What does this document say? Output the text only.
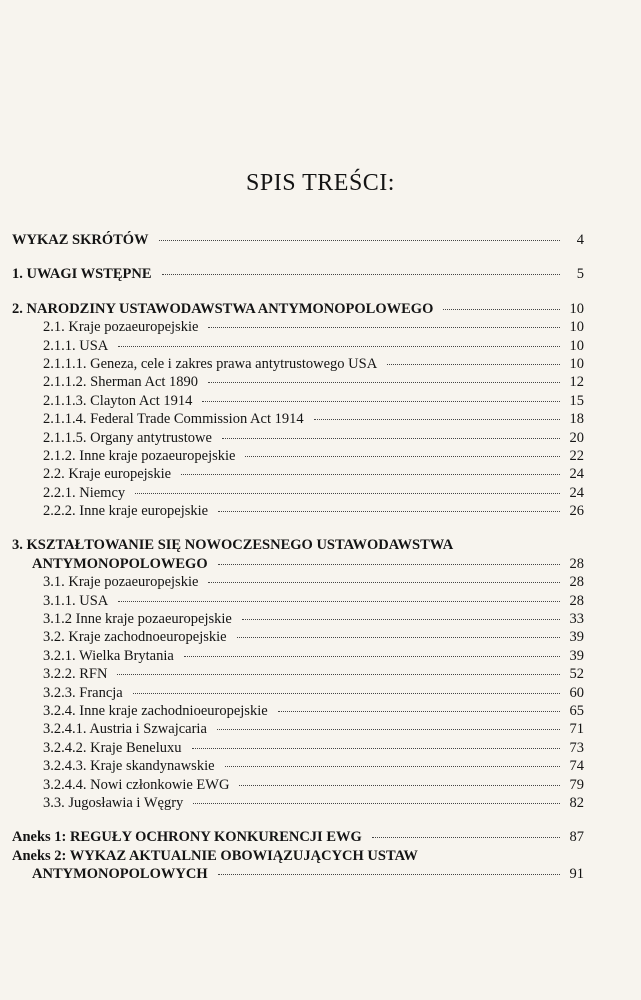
SPIS TREŚCI:
WYKAZ SKRÓTÓW	4
1. UWAGI WSTĘPNE	5
2. NARODZINY USTAWODAWSTWA ANTYMONOPOLOWEGO	10
2.1. Kraje pozaeuropejskie	10
2.1.1. USA	10
2.1.1.1. Geneza, cele i zakres prawa antytrustowego USA	10
2.1.1.2. Sherman Act 1890	12
2.1.1.3. Clayton Act 1914	15
2.1.1.4. Federal Trade Commission Act 1914	18
2.1.1.5. Organy antytrustowe	20
2.1.2. Inne kraje pozaeuropejskie	22
2.2. Kraje europejskie	24
2.2.1. Niemcy	24
2.2.2. Inne kraje europejskie	26
3. KSZTAŁTOWANIE SIĘ NOWOCZESNEGO USTAWODAWSTWA
ANTYMONOPOLOWEGO	28
3.1. Kraje pozaeuropejskie	28
3.1.1. USA	28
3.1.2 Inne kraje pozaeuropejskie	33
3.2. Kraje zachodnoeuropejskie	39
3.2.1. Wielka Brytania	39
3.2.2. RFN	52
3.2.3. Francja	60
3.2.4. Inne kraje zachodnioeuropejskie	65
3.2.4.1. Austria i Szwajcaria	71
3.2.4.2. Kraje Beneluxu	73
3.2.4.3. Kraje skandynawskie	74
3.2.4.4. Nowi członkowie EWG	79
3.3. Jugosławia i Węgry	82
Aneks 1: REGUŁY OCHRONY KONKURENCJI EWG	87
Aneks 2: WYKAZ AKTUALNIE OBOWIĄZUJĄCYCH USTAW
ANTYMONOPOLOWYCH	91
